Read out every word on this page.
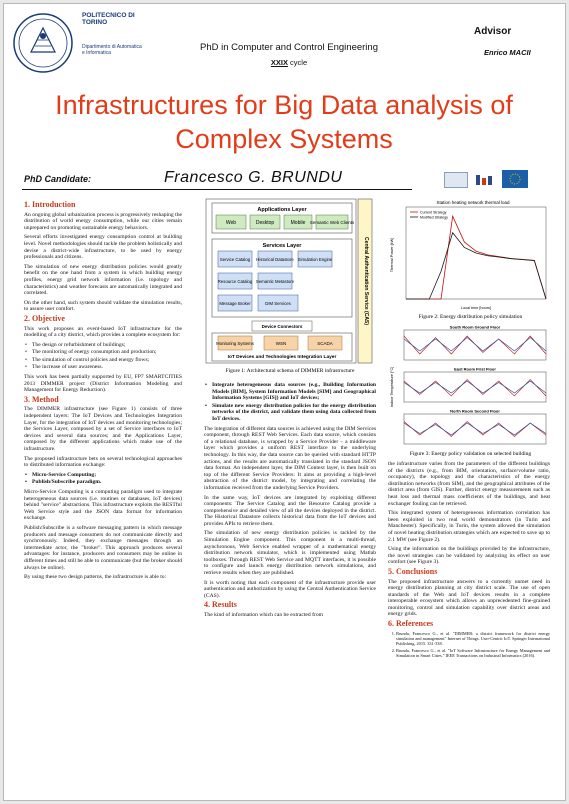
POLITECNICO DI TORINO
Dipartimento di Automatica e Informatica	PhD in Computer and Control Engineering
XXIX cycle
Advisor
Enrico MACII
Infrastructures for Big Data analysis of Complex Systems
PhD Candidate:	Francesco G. BRUNDU
1. Introduction

An ongoing global urbanization process is progressively reshaping the distribution of world energy consumption, while our cities remain unprepared on promoting sustainable energy behaviors.

Several efforts investigated energy consumption control at building level. Novel methodologies should tackle the problem holistically and devise a district-wide infrastructure, to be used by energy professionals and citizens.

The simulation of new energy distribution policies would greatly benefit on the one hand from a system in which building energy profiles, energy grid network information (i.e. topology and characteristics) and weather forecasts are automatically integrated and correlated.

On the other hand, such system should validate the simulation results, to assure user comfort.

2. Objective

This work proposes an event-based IoT infrastructure for the modelling of a city district, which provides a complete ecosystem for:

• The design or refurbishment of buildings;
• The monitoring of energy consumption and production;
• The simulation of control policies and energy flows;
• The increase of user awareness.

This work has been partially supported by EU, FP7 SMARTCITIES 2013 DIMMER project (District Information Modeling and Management for Energy Reduction).

3. Method

The DIMMER infrastructure (see Figure 1) consists of three independent layers: The IoT Devices and Technologies Integration Layer, for the integration of IoT devices and monitoring technologies; the Services Layer, composed by a set of Service interfaces to IoT devices and several data sources; and the Applications Layer, composed by the different applications which make use of the infrastructure.

The proposed infrastructure bets on several technological approaches to distributed information exchange:

• Micro-Service Computing;
• Publish/Subscribe paradigm.

Micro-Service Computing is a computing paradigm used to integrate heterogeneous data sources (i.e. routines or databases, IoT devices) behind "service" abstractions. This infrastructure exploits the RESTful Web Service style and the JSON data format for information exchange.

Publish/Subscribe is a software messaging pattern in which message producers and message consumers do not communicate directly and synchronously. Indeed, they exchange messages through an intermediate actor, the "broker". This approach produces several advantages: for instance, producers and consumers may be online in different times and still be able to communicate (but the broker should always be online).

By using these two design patterns, the infrastructure is able to:

Central Authentication Service (CAS)
Applications Layer
Web	Desktop	Mobile Semantic Web Clients
Services Layer
Service Catalog Historical Datastore Simulation Engine
Resource Catalog Semantic Metastore
Message Broker	DIM Services
Device Connectors
Monitoring Systems	WSN	SCADA
IoT Devices and Technologies Integration Layer
Figure 1: Architectural schema of DIMMER infrastructure
• Integrate heterogeneous data sources (e.g., Building Information Models [BIM], System Information Models [SIM] and Geographical Information Systems [GIS]) and IoT devices;
• Simulate new energy distribution policies for the energy distribution networks of the district, and validate them using data collected from IoT devices.

The integration of different data sources is achieved using the DIM Services component, through REST Web Services. Each data source, which consists of a relational database, is wrapped by a Service Provider – a middleware layer which provides a uniform REST interface to the underlying technology. In this way, the data source can be queried with standard HTTP actions, and the results are automatically translated in the standard JSON data format. An independent layer, the DIM Context layer, is then built on top of the different Service Providers: It aims at providing a high-level abstraction of the district model, by integrating and correlating the information received from the underlying Service Providers.

In the same way, IoT devices are integrated by exploiting different components: The Service Catalog and the Resource Catalog provide a comprehensive and detailed view of all the devices deployed in the district. The Historical Datastore collects historical data from the IoT devices and provides APIs to retrieve them.

The simulation of new energy distribution policies is tackled by the Simulation Engine component. This component is a multi-thread, asynchronous, Web Service enabled wrapper of a mathematical energy distribution network simulator, which is implemented using Matlab toolboxes. Through REST Web Service and MQTT interfaces, it is possible to configure and launch energy distribution network simulations, and retrieve results when they are published.

It is worth noting that each component of the infrastructure provide user authentication and authorization by using the Central Authentication Service (CAS).

4. Results

The kind of information which can be extracted from

Station heating network thermal load
Thermal Power [kW]
Local time [hours]
Current Strategy
Modified Strategy
Figure 2: Energy distribution policy simulation
Indoor Temperature [°C]
South Room Ground Floor
East Room First Floor
North Room Second Floor
Figure 3: Energy policy validation on selected building

the infrastructure varies from the parameters of the different buildings of the districts (e.g., from BIM, orientation, surface/volume ratio, occupancy), the topology and the characteristics of the energy distribution networks (from SIM), and the geographical attributes of the district area (from GIS). Further, district energy measurements such as heat loss and thermal mass coefficients of the buildings, and heat exchanger fouling can be retrieved.

This integrated system of heterogeneous information correlation has been exploited in two real world demonstrators (in Turin and Manchester). Specifically, in Turin, the system allowed the simulation of novel heating distribution strategies which are expected to save up to 2.1 MW (see Figure 2).

Using the information on the buildings provided by the infrastructure, the novel strategies can be validated by analyzing its effect on user comfort (see Figure 3).

5. Conclusions

The proposed infrastructure answers to a currently unmet need in energy distribution planning at city district scale. The use of open standards of the Web and IoT devices results in a complete interoperable ecosystem which allows an unprecedented fine-grained monitoring, control and simulation capability over district areas and energy grids.

6. References
1. Brundu, Francesco G., et al. "DIMMER: a district framework for district energy simulation and management" Internet of Things. User-Centric IoT. Springer International Publishing, 2015. 331-338.
2. Brundu, Francesco G., et al. "IoT Software Infrastructure for Energy Management and Simulation in Smart Cities." IEEE Transactions on Industrial Informatics (2016).
